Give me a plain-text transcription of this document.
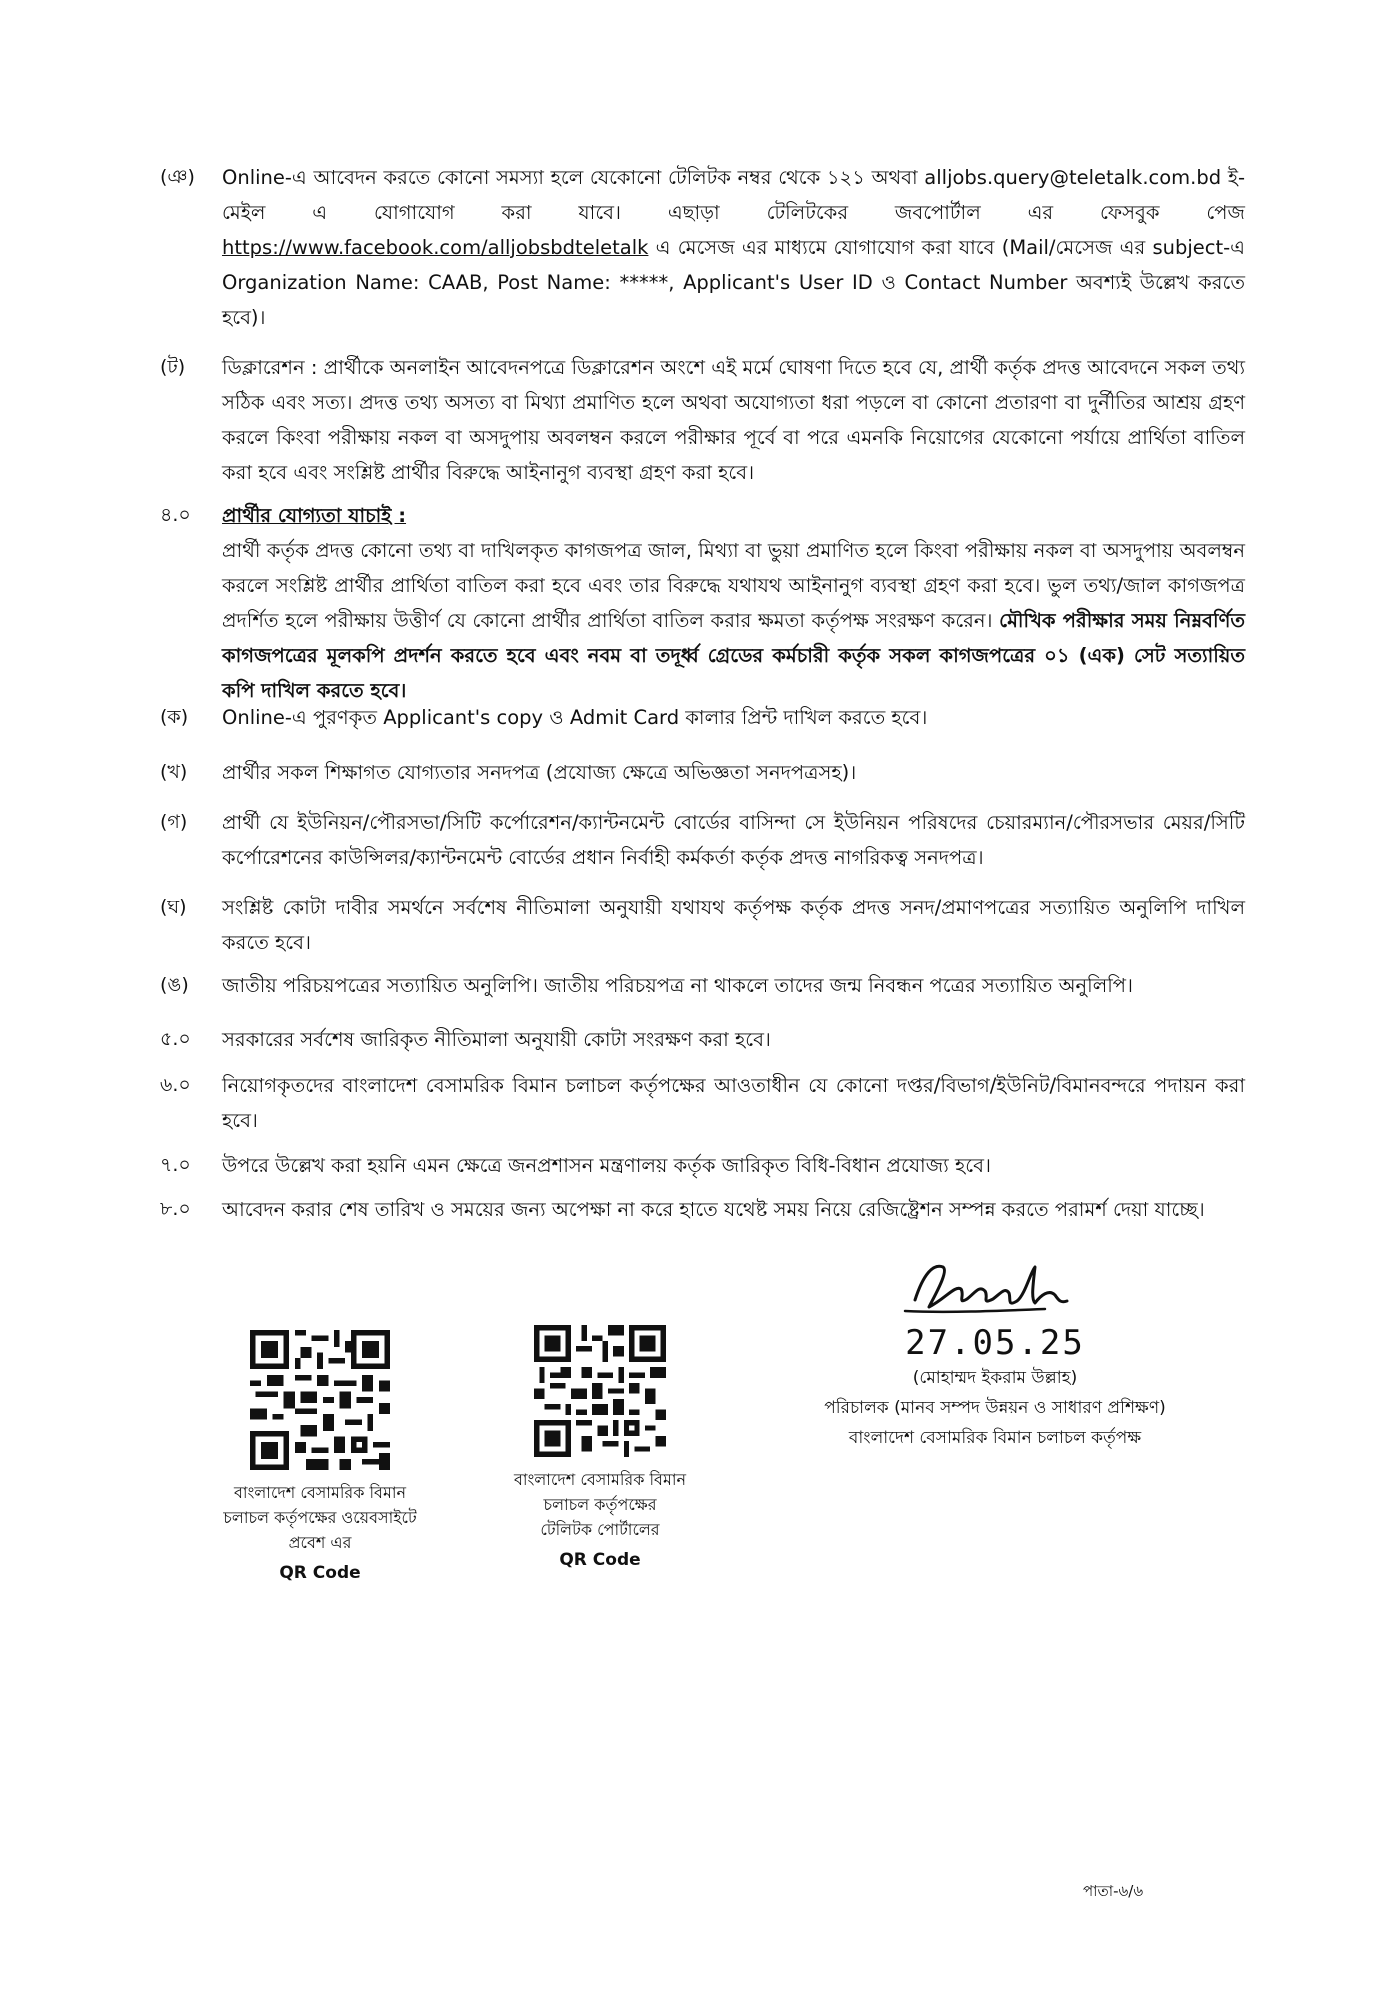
(ঞ)	Online-এ আবেদন করতে কোনো সমস্যা হলে যেকোনো টেলিটক নম্বর থেকে ১২১ অথবা alljobs.query@teletalk.com.bd ই-মেইল এ যোগাযোগ করা যাবে। এছাড়া টেলিটকের জবপোর্টাল এর ফেসবুক পেজ https://www.facebook.com/alljobsbdteletalk এ মেসেজ এর মাধ্যমে যোগাযোগ করা যাবে (Mail/মেসেজ এর subject-এ Organization Name: CAAB, Post Name: *****, Applicant's User ID ও Contact Number অবশ্যই উল্লেখ করতে হবে)।
(ট)	ডিক্লারেশন : প্রার্থীকে অনলাইন আবেদনপত্রে ডিক্লারেশন অংশে এই মর্মে ঘোষণা দিতে হবে যে, প্রার্থী কর্তৃক প্রদত্ত আবেদনে সকল তথ্য সঠিক এবং সত্য। প্রদত্ত তথ্য অসত্য বা মিথ্যা প্রমাণিত হলে অথবা অযোগ্যতা ধরা পড়লে বা কোনো প্রতারণা বা দুর্নীতির আশ্রয় গ্রহণ করলে কিংবা পরীক্ষায় নকল বা অসদুপায় অবলম্বন করলে পরীক্ষার পূর্বে বা পরে এমনকি নিয়োগের যেকোনো পর্যায়ে প্রার্থিতা বাতিল করা হবে এবং সংশ্লিষ্ট প্রার্থীর বিরুদ্ধে আইনানুগ ব্যবস্থা গ্রহণ করা হবে।
৪.০	প্রার্থীর যোগ্যতা যাচাই :
প্রার্থী কর্তৃক প্রদত্ত কোনো তথ্য বা দাখিলকৃত কাগজপত্র জাল, মিথ্যা বা ভুয়া প্রমাণিত হলে কিংবা পরীক্ষায় নকল বা অসদুপায় অবলম্বন করলে সংশ্লিষ্ট প্রার্থীর প্রার্থিতা বাতিল করা হবে এবং তার বিরুদ্ধে যথাযথ আইনানুগ ব্যবস্থা গ্রহণ করা হবে। ভুল তথ্য/জাল কাগজপত্র প্রদর্শিত হলে পরীক্ষায় উত্তীর্ণ যে কোনো প্রার্থীর প্রার্থিতা বাতিল করার ক্ষমতা কর্তৃপক্ষ সংরক্ষণ করেন। মৌখিক পরীক্ষার সময় নিম্নবর্ণিত কাগজপত্রের মূলকপি প্রদর্শন করতে হবে এবং নবম বা তদূর্ধ্ব গ্রেডের কর্মচারী কর্তৃক সকল কাগজপত্রের ০১ (এক) সেট সত্যায়িত কপি দাখিল করতে হবে।
(ক)	Online-এ পুরণকৃত Applicant's copy ও Admit Card কালার প্রিন্ট দাখিল করতে হবে।
(খ)	প্রার্থীর সকল শিক্ষাগত যোগ্যতার সনদপত্র (প্রযোজ্য ক্ষেত্রে অভিজ্ঞতা সনদপত্রসহ)।
(গ)	প্রার্থী যে ইউনিয়ন/পৌরসভা/সিটি কর্পোরেশন/ক্যান্টনমেন্ট বোর্ডের বাসিন্দা সে ইউনিয়ন পরিষদের চেয়ারম্যান/পৌরসভার মেয়র/সিটি কর্পোরেশনের কাউন্সিলর/ক্যান্টনমেন্ট বোর্ডের প্রধান নির্বাহী কর্মকর্তা কর্তৃক প্রদত্ত নাগরিকত্ব সনদপত্র।
(ঘ)	সংশ্লিষ্ট কোটা দাবীর সমর্থনে সর্বশেষ নীতিমালা অনুযায়ী যথাযথ কর্তৃপক্ষ কর্তৃক প্রদত্ত সনদ/প্রমাণপত্রের সত্যায়িত অনুলিপি দাখিল করতে হবে।
(ঙ)	জাতীয় পরিচয়পত্রের সত্যায়িত অনুলিপি। জাতীয় পরিচয়পত্র না থাকলে তাদের জন্ম নিবন্ধন পত্রের সত্যায়িত অনুলিপি।
৫.০	সরকারের সর্বশেষ জারিকৃত নীতিমালা অনুযায়ী কোটা সংরক্ষণ করা হবে।
৬.০	নিয়োগকৃতদের বাংলাদেশ বেসামরিক বিমান চলাচল কর্তৃপক্ষের আওতাধীন যে কোনো দপ্তর/বিভাগ/ইউনিট/বিমানবন্দরে পদায়ন করা হবে।
৭.০	উপরে উল্লেখ করা হয়নি এমন ক্ষেত্রে জনপ্রশাসন মন্ত্রণালয় কর্তৃক জারিকৃত বিধি-বিধান প্রযোজ্য হবে।
৮.০	আবেদন করার শেষ তারিখ ও সময়ের জন্য অপেক্ষা না করে হাতে যথেষ্ট সময় নিয়ে রেজিষ্ট্রেশন সম্পন্ন করতে পরামর্শ দেয়া যাচ্ছে।
বাংলাদেশ বেসামরিক বিমান
চলাচল কর্তৃপক্ষের ওয়েবসাইটে
প্রবেশ এর
QR Code
বাংলাদেশ বেসামরিক বিমান
চলাচল কর্তৃপক্ষের
টেলিটক পোর্টালের
QR Code
27.05.25
(মোহাম্মদ ইকরাম উল্লাহ)
পরিচালক (মানব সম্পদ উন্নয়ন ও সাধারণ প্রশিক্ষণ)
বাংলাদেশ বেসামরিক বিমান চলাচল কর্তৃপক্ষ
পাতা-৬/৬
